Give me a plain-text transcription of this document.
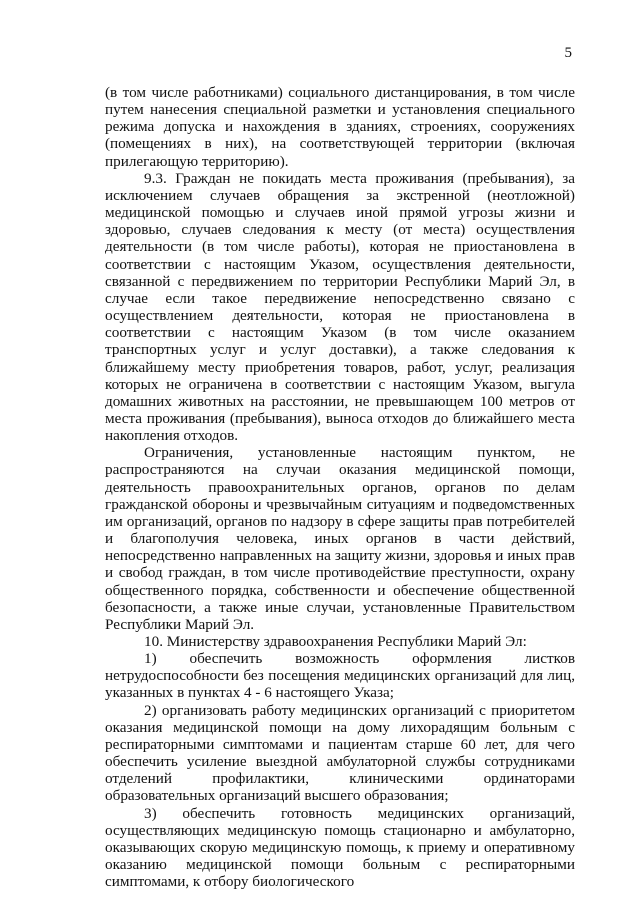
5

(в том числе работниками) социального дистанцирования, в том числе путем нанесения специальной разметки и установления специального режима допуска и нахождения в зданиях, строениях, сооружениях (помещениях в них), на соответствующей территории (включая прилегающую территорию).

9.3. Граждан не покидать места проживания (пребывания), за исключением случаев обращения за экстренной (неотложной) медицинской помощью и случаев иной прямой угрозы жизни и здоровью, случаев следования к месту (от места) осуществления деятельности (в том числе работы), которая не приостановлена в соответствии с настоящим Указом, осуществления деятельности, связанной с передвижением по территории Республики Марий Эл, в случае если такое передвижение непосредственно связано с осуществлением деятельности, которая не приостановлена в соответствии с настоящим Указом (в том числе оказанием транспортных услуг и услуг доставки), а также следования к ближайшему месту приобретения товаров, работ, услуг, реализация которых не ограничена в соответствии с настоящим Указом, выгула домашних животных на расстоянии, не превышающем 100 метров от места проживания (пребывания), выноса отходов до ближайшего места накопления отходов.

Ограничения, установленные настоящим пунктом, не распространяются на случаи оказания медицинской помощи, деятельность правоохранительных органов, органов по делам гражданской обороны и чрезвычайным ситуациям и подведомственных им организаций, органов по надзору в сфере защиты прав потребителей и благополучия человека, иных органов в части действий, непосредственно направленных на защиту жизни, здоровья и иных прав и свобод граждан, в том числе противодействие преступности, охрану общественного порядка, собственности и обеспечение общественной безопасности, а также иные случаи, установленные Правительством Республики Марий Эл.

10. Министерству здравоохранения Республики Марий Эл:

1) обеспечить возможность оформления листков нетрудоспособности без посещения медицинских организаций для лиц, указанных в пунктах 4 - 6 настоящего Указа;

2) организовать работу медицинских организаций с приоритетом оказания медицинской помощи на дому лихорадящим больным с респираторными симптомами и пациентам старше 60 лет, для чего обеспечить усиление выездной амбулаторной службы сотрудниками отделений профилактики, клиническими ординаторами образовательных организаций высшего образования;

3) обеспечить готовность медицинских организаций, осуществляющих медицинскую помощь стационарно и амбулаторно, оказывающих скорую медицинскую помощь, к приему и оперативному оказанию медицинской помощи больным с респираторными симптомами, к отбору биологического
